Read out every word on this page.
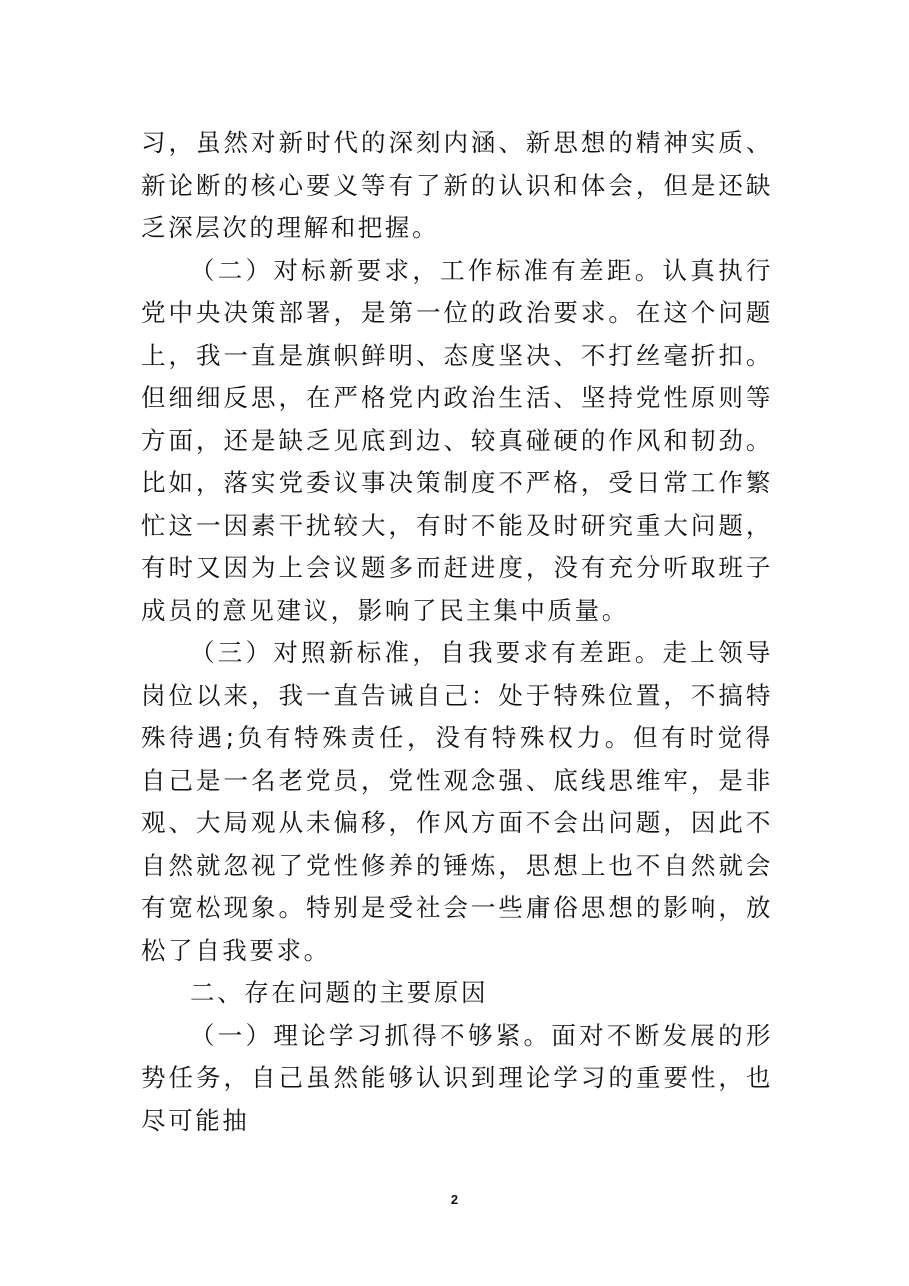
习，虽然对新时代的深刻内涵、新思想的精神实质、新论断的核心要义等有了新的认识和体会，但是还缺乏深层次的理解和把握。

（二）对标新要求，工作标准有差距。认真执行党中央决策部署，是第一位的政治要求。在这个问题上，我一直是旗帜鲜明、态度坚决、不打丝毫折扣。但细细反思，在严格党内政治生活、坚持党性原则等方面，还是缺乏见底到边、较真碰硬的作风和韧劲。比如，落实党委议事决策制度不严格，受日常工作繁忙这一因素干扰较大，有时不能及时研究重大问题，有时又因为上会议题多而赶进度，没有充分听取班子成员的意见建议，影响了民主集中质量。

（三）对照新标准，自我要求有差距。走上领导岗位以来，我一直告诫自己：处于特殊位置，不搞特殊待遇;负有特殊责任，没有特殊权力。但有时觉得自己是一名老党员，党性观念强、底线思维牢，是非观、大局观从未偏移，作风方面不会出问题，因此不自然就忽视了党性修养的锤炼，思想上也不自然就会有宽松现象。特别是受社会一些庸俗思想的影响，放松了自我要求。

二、存在问题的主要原因

（一）理论学习抓得不够紧。面对不断发展的形势任务，自己虽然能够认识到理论学习的重要性，也尽可能抽

2
